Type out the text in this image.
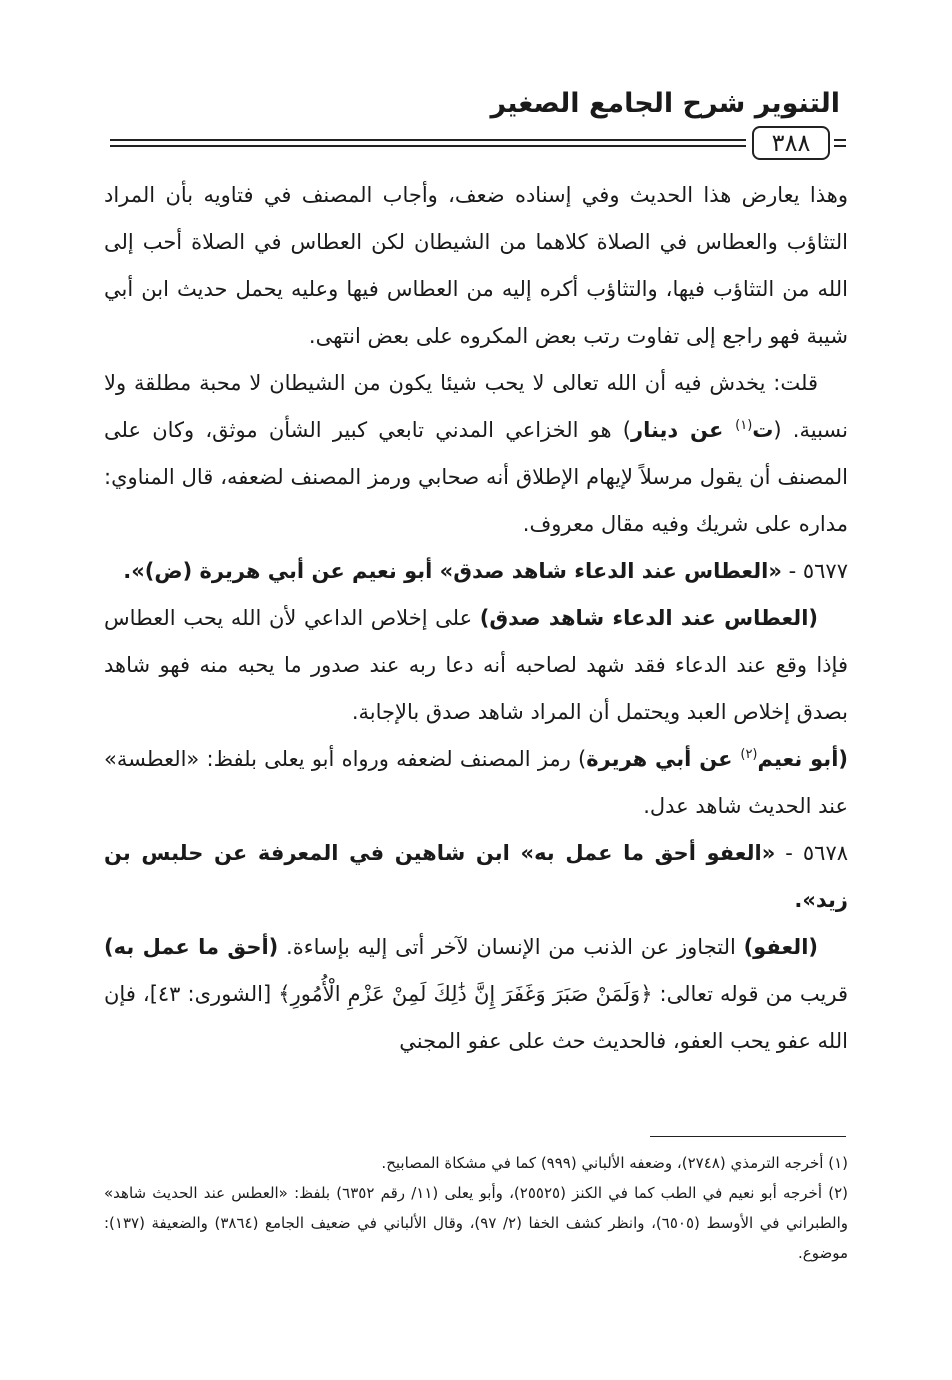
التنوير شرح الجامع الصغير
٣٨٨

وهذا يعارض هذا الحديث وفي إسناده ضعف، وأجاب المصنف في فتاويه بأن المراد التثاؤب والعطاس في الصلاة كلاهما من الشيطان لكن العطاس في الصلاة أحب إلى الله من التثاؤب فيها، والتثاؤب أكره إليه من العطاس فيها وعليه يحمل حديث ابن أبي شيبة فهو راجع إلى تفاوت رتب بعض المكروه على بعض انتهى.

قلت: يخدش فيه أن الله تعالى لا يحب شيئا يكون من الشيطان لا محبة مطلقة ولا نسبية. (ت$^{(١)}$ عن دينار) هو الخزاعي المدني تابعي كبير الشأن موثق، وكان على المصنف أن يقول مرسلاً لإيهام الإطلاق أنه صحابي ورمز المصنف لضعفه، قال المناوي: مداره على شريك وفيه مقال معروف.

٥٦٧٧ - «العطاس عند الدعاء شاهد صدق» أبو نعيم عن أبي هريرة (ض)».

(العطاس عند الدعاء شاهد صدق) على إخلاص الداعي لأن الله يحب العطاس فإذا وقع عند الدعاء فقد شهد لصاحبه أنه دعا ربه عند صدور ما يحبه منه فهو شاهد بصدق إخلاص العبد ويحتمل أن المراد شاهد صدق بالإجابة.

(أبو نعيم$^{(٢)}$ عن أبي هريرة) رمز المصنف لضعفه ورواه أبو يعلى بلفظ: «العطسة» عند الحديث شاهد عدل.

٥٦٧٨ - «العفو أحق ما عمل به» ابن شاهين في المعرفة عن حلبس بن زيد».

(العفو) التجاوز عن الذنب من الإنسان لآخر أتى إليه بإساءة. (أحق ما عمل به) قريب من قوله تعالى: ﴿وَلَمَنْ صَبَرَ وَغَفَرَ إِنَّ ذَٰلِكَ لَمِنْ عَزْمِ الْأُمُورِ﴾ [الشورى: ٤٣]، فإن الله عفو يحب العفو، فالحديث حث على عفو المجني

(١) أخرجه الترمذي (٢٧٤٨)، وضعفه الألباني (٩٩٩) كما في مشكاة المصابيح.

(٢) أخرجه أبو نعيم في الطب كما في الكنز (٢٥٥٢٥)، وأبو يعلى (١١/ رقم ٦٣٥٢) بلفظ: «العطس عند الحديث شاهد» والطبراني في الأوسط (٦٥٠٥)، وانظر كشف الخفا (٢/ ٩٧)، وقال الألباني في ضعيف الجامع (٣٨٦٤) والضعيفة (١٣٧): موضوع.
